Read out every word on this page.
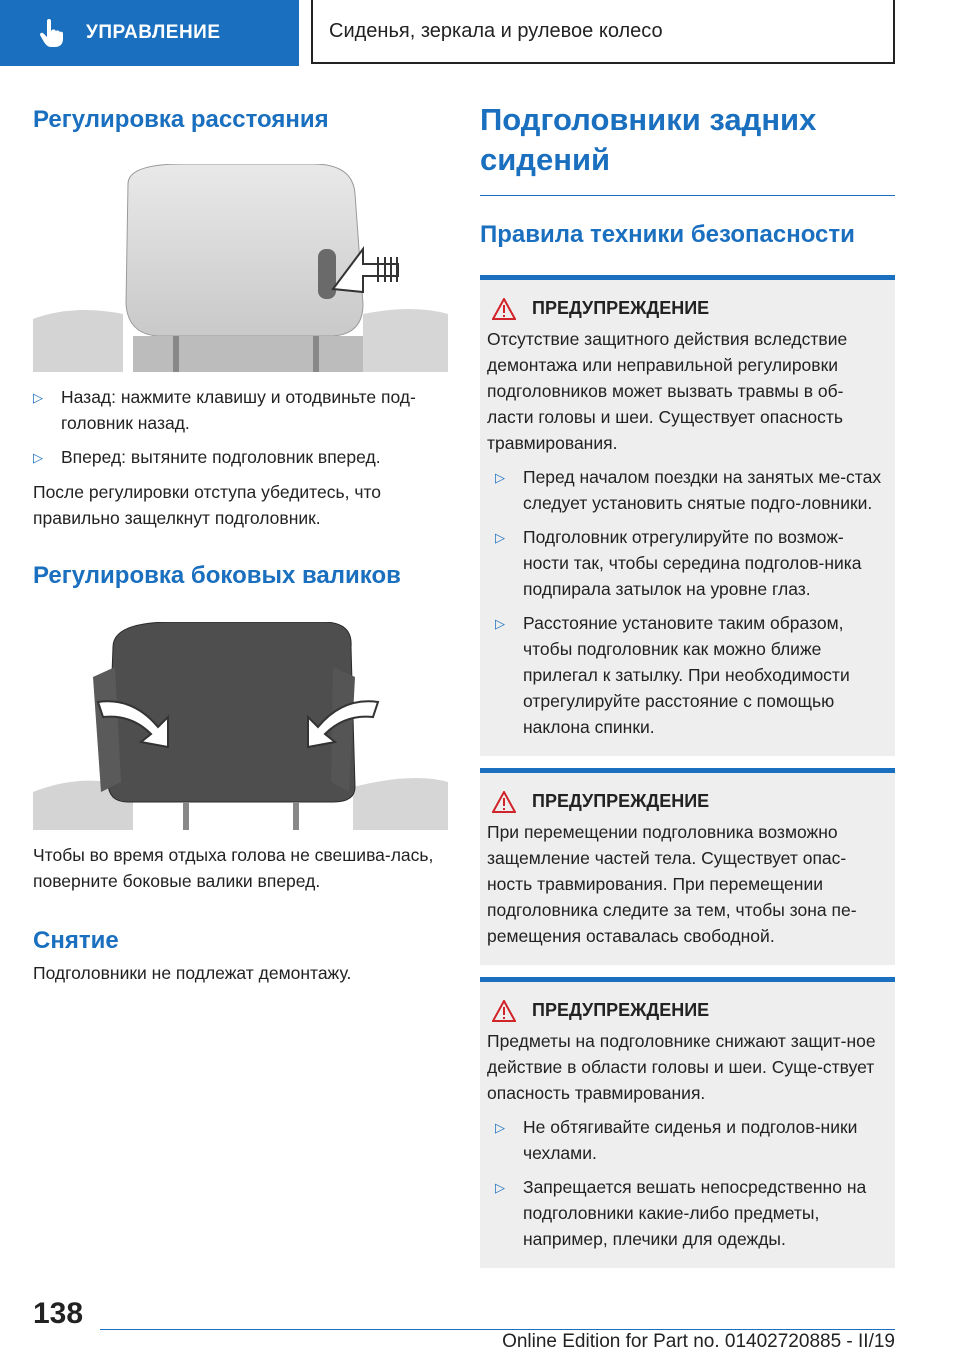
УПРАВЛЕНИЕ	Сиденья, зеркала и рулевое колесо
Регулировка расстояния
▷	Назад: нажмите клавишу и отодвиньте под-головник назад.
▷	Вперед: вытяните подголовник вперед.
После регулировки отступа убедитесь, что правильно защелкнут подголовник.
Регулировка боковых валиков
Чтобы во время отдыха голова не свешива-лась, поверните боковые валики вперед.
Снятие
Подголовники не подлежат демонтажу.
Подголовники задних сидений
Правила техники безопасности
ПРЕДУПРЕЖДЕНИЕ
Отсутствие защитного действия вследствие демонтажа или неправильной регулировки подголовников может вызвать травмы в об-ласти головы и шеи. Существует опасность травмирования.
▷	Перед началом поездки на занятых ме-стах следует установить снятые подго-ловники.
▷	Подголовник отрегулируйте по возмож-ности так, чтобы середина подголов-ника подпирала затылок на уровне глаз.
▷	Расстояние установите таким образом, чтобы подголовник как можно ближе прилегал к затылку. При необходимости отрегулируйте расстояние с помощью наклона спинки.
ПРЕДУПРЕЖДЕНИЕ
При перемещении подголовника возможно защемление частей тела. Существует опас-ность травмирования. При перемещении подголовника следите за тем, чтобы зона пе-ремещения оставалась свободной.
ПРЕДУПРЕЖДЕНИЕ
Предметы на подголовнике снижают защит-ное действие в области головы и шеи. Суще-ствует опасность травмирования.
▷	Не обтягивайте сиденья и подголов-ники чехлами.
▷	Запрещается вешать непосредственно на подголовники какие-либо предметы, например, плечики для одежды.
138
Online Edition for Part no. 01402720885 - II/19
